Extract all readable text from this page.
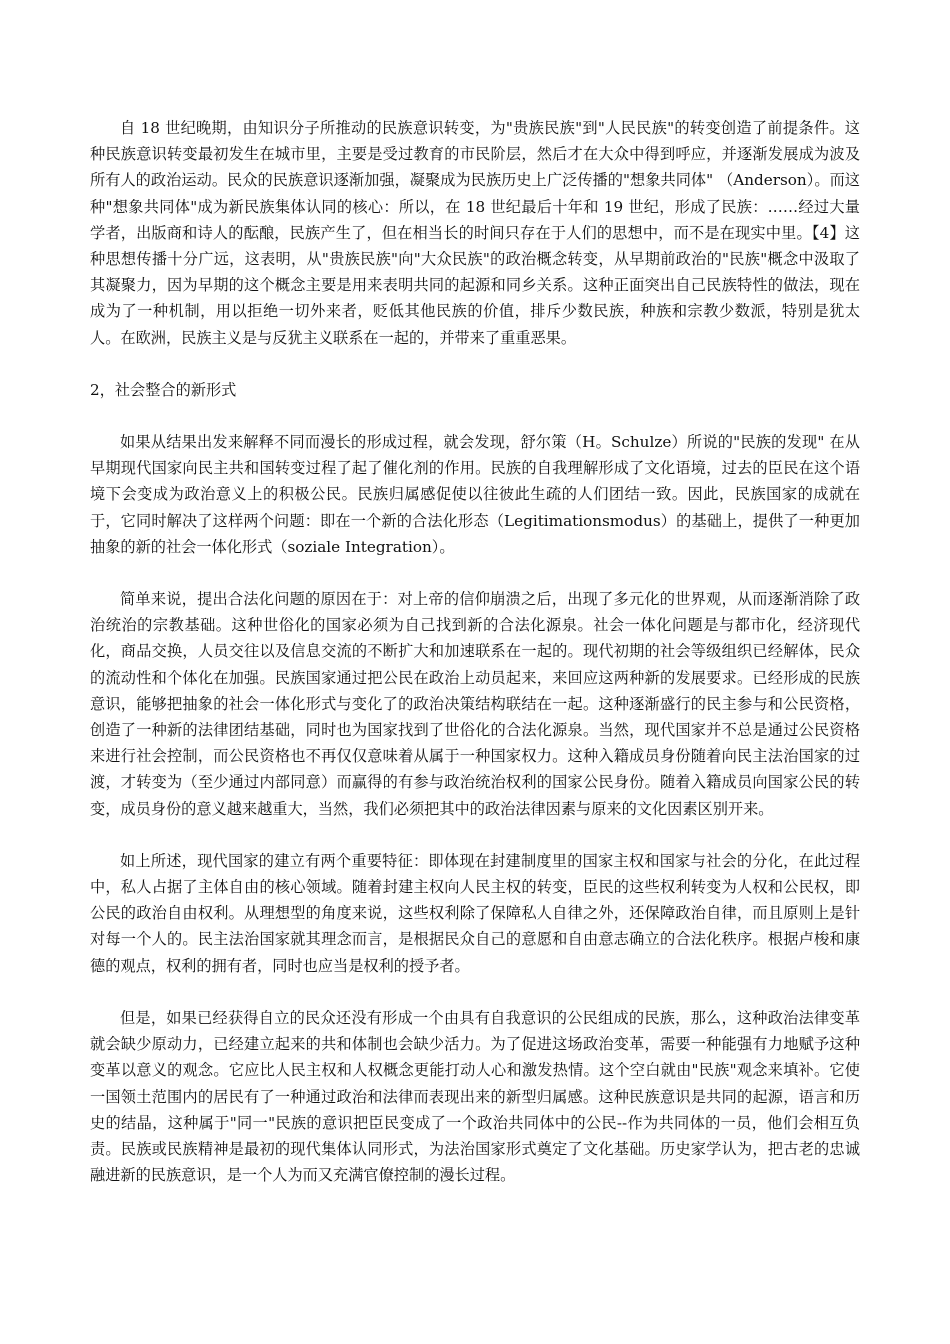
自 18 世纪晚期，由知识分子所推动的民族意识转变，为"贵族民族"到"人民民族"的转变创造了前提条件。这种民族意识转变最初发生在城市里，主要是受过教育的市民阶层，然后才在大众中得到呼应，并逐渐发展成为波及所有人的政治运动。民众的民族意识逐渐加强，凝聚成为民族历史上广泛传播的"想象共同体" （Anderson）。而这种"想象共同体"成为新民族集体认同的核心：所以，在 18 世纪最后十年和 19 世纪，形成了民族：……经过大量学者，出版商和诗人的酝酿，民族产生了，但在相当长的时间只存在于人们的思想中，而不是在现实中里。【4】这种思想传播十分广远，这表明，从"贵族民族"向"大众民族"的政治概念转变，从早期前政治的"民族"概念中汲取了其凝聚力，因为早期的这个概念主要是用来表明共同的起源和同乡关系。这种正面突出自己民族特性的做法，现在成为了一种机制，用以拒绝一切外来者，贬低其他民族的价值，排斥少数民族，种族和宗教少数派，特别是犹太人。在欧洲，民族主义是与反犹主义联系在一起的，并带来了重重恶果。

2，社会整合的新形式

如果从结果出发来解释不同而漫长的形成过程，就会发现，舒尔策（H。Schulze）所说的"民族的发现" 在从早期现代国家向民主共和国转变过程了起了催化剂的作用。民族的自我理解形成了文化语境，过去的臣民在这个语境下会变成为政治意义上的积极公民。民族归属感促使以往彼此生疏的人们团结一致。因此，民族国家的成就在于，它同时解决了这样两个问题：即在一个新的合法化形态（Legitimationsmodus）的基础上，提供了一种更加抽象的新的社会一体化形式（soziale Integration）。

简单来说，提出合法化问题的原因在于：对上帝的信仰崩溃之后，出现了多元化的世界观，从而逐渐消除了政治统治的宗教基础。这种世俗化的国家必须为自己找到新的合法化源泉。社会一体化问题是与都市化，经济现代化，商品交换，人员交往以及信息交流的不断扩大和加速联系在一起的。现代初期的社会等级组织已经解体，民众的流动性和个体化在加强。民族国家通过把公民在政治上动员起来，来回应这两种新的发展要求。已经形成的民族意识，能够把抽象的社会一体化形式与变化了的政治决策结构联结在一起。这种逐渐盛行的民主参与和公民资格，创造了一种新的法律团结基础，同时也为国家找到了世俗化的合法化源泉。当然，现代国家并不总是通过公民资格来进行社会控制，而公民资格也不再仅仅意味着从属于一种国家权力。这种入籍成员身份随着向民主法治国家的过渡，才转变为（至少通过内部同意）而赢得的有参与政治统治权利的国家公民身份。随着入籍成员向国家公民的转变，成员身份的意义越来越重大，当然，我们必须把其中的政治法律因素与原来的文化因素区别开来。

如上所述，现代国家的建立有两个重要特征：即体现在封建制度里的国家主权和国家与社会的分化，在此过程中，私人占据了主体自由的核心领域。随着封建主权向人民主权的转变，臣民的这些权利转变为人权和公民权，即公民的政治自由权利。从理想型的角度来说，这些权利除了保障私人自律之外，还保障政治自律，而且原则上是针对每一个人的。民主法治国家就其理念而言，是根据民众自己的意愿和自由意志确立的合法化秩序。根据卢梭和康德的观点，权利的拥有者，同时也应当是权利的授予者。

但是，如果已经获得自立的民众还没有形成一个由具有自我意识的公民组成的民族，那么，这种政治法律变革就会缺少原动力，已经建立起来的共和体制也会缺少活力。为了促进这场政治变革，需要一种能强有力地赋予这种变革以意义的观念。它应比人民主权和人权概念更能打动人心和激发热情。这个空白就由"民族"观念来填补。它使一国领土范围内的居民有了一种通过政治和法律而表现出来的新型归属感。这种民族意识是共同的起源，语言和历史的结晶，这种属于"同一"民族的意识把臣民变成了一个政治共同体中的公民--作为共同体的一员，他们会相互负责。民族或民族精神是最初的现代集体认同形式，为法治国家形式奠定了文化基础。历史家学认为，把古老的忠诚融进新的民族意识，是一个人为而又充满官僚控制的漫长过程。
